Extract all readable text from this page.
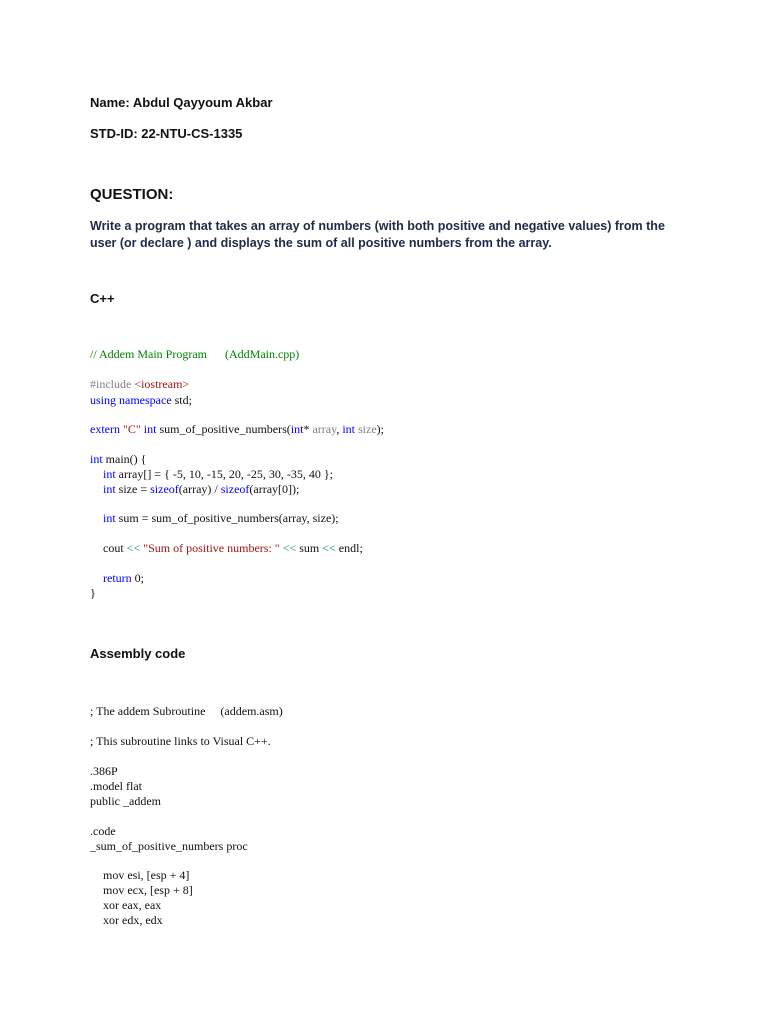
Name: Abdul Qayyoum Akbar
STD-ID: 22-NTU-CS-1335
QUESTION:
Write a program that takes an array of numbers (with both positive and negative values) from the user (or declare ) and displays the sum of all positive numbers from the array.
C++
// Addem Main Program      (AddMain.cpp)
#include <iostream>
using namespace std;
extern "C" int sum_of_positive_numbers(int* array, int size);
int main() {
int array[] = { -5, 10, -15, 20, -25, 30, -35, 40 };
int size = sizeof(array) / sizeof(array[0]);
int sum = sum_of_positive_numbers(array, size);
cout << "Sum of positive numbers: " << sum << endl;
return 0;
}
Assembly code
; The addem Subroutine     (addem.asm)
; This subroutine links to Visual C++.
.386P
.model flat
public _addem
.code
_sum_of_positive_numbers proc
mov esi, [esp + 4]
mov ecx, [esp + 8]
xor eax, eax
xor edx, edx
